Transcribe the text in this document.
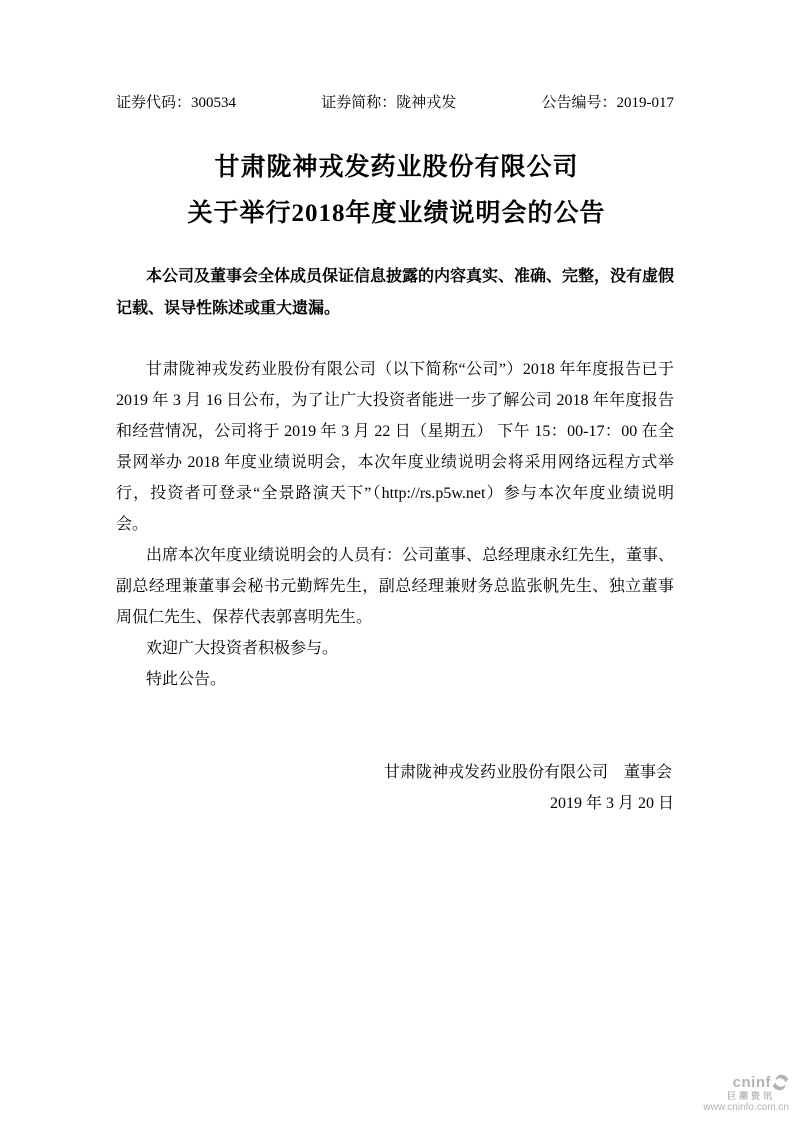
证券代码：300534	证券简称：陇神戎发	公告编号：2019-017
甘肃陇神戎发药业股份有限公司
关于举行2018年度业绩说明会的公告
本公司及董事会全体成员保证信息披露的内容真实、准确、完整，没有虚假记载、误导性陈述或重大遗漏。

甘肃陇神戎发药业股份有限公司（以下简称“公司”）2018 年年度报告已于 2019 年 3 月 16 日公布，为了让广大投资者能进一步了解公司 2018 年年度报告和经营情况，公司将于 2019 年 3 月 22 日（星期五） 下午 15：00-17：00 在全景网举办 2018 年度业绩说明会，本次年度业绩说明会将采用网络远程方式举行，投资者可登录“全景路演天下”（http://rs.p5w.net）参与本次年度业绩说明会。

出席本次年度业绩说明会的人员有：公司董事、总经理康永红先生，董事、副总经理兼董事会秘书元勤辉先生，副总经理兼财务总监张帆先生、独立董事周侃仁先生、保荐代表郭喜明先生。

欢迎广大投资者积极参与。

特此公告。

甘肃陇神戎发药业股份有限公司　董事会
2019 年 3 月 20 日
cninf
巨潮资讯
www.cninfo.com.cn
